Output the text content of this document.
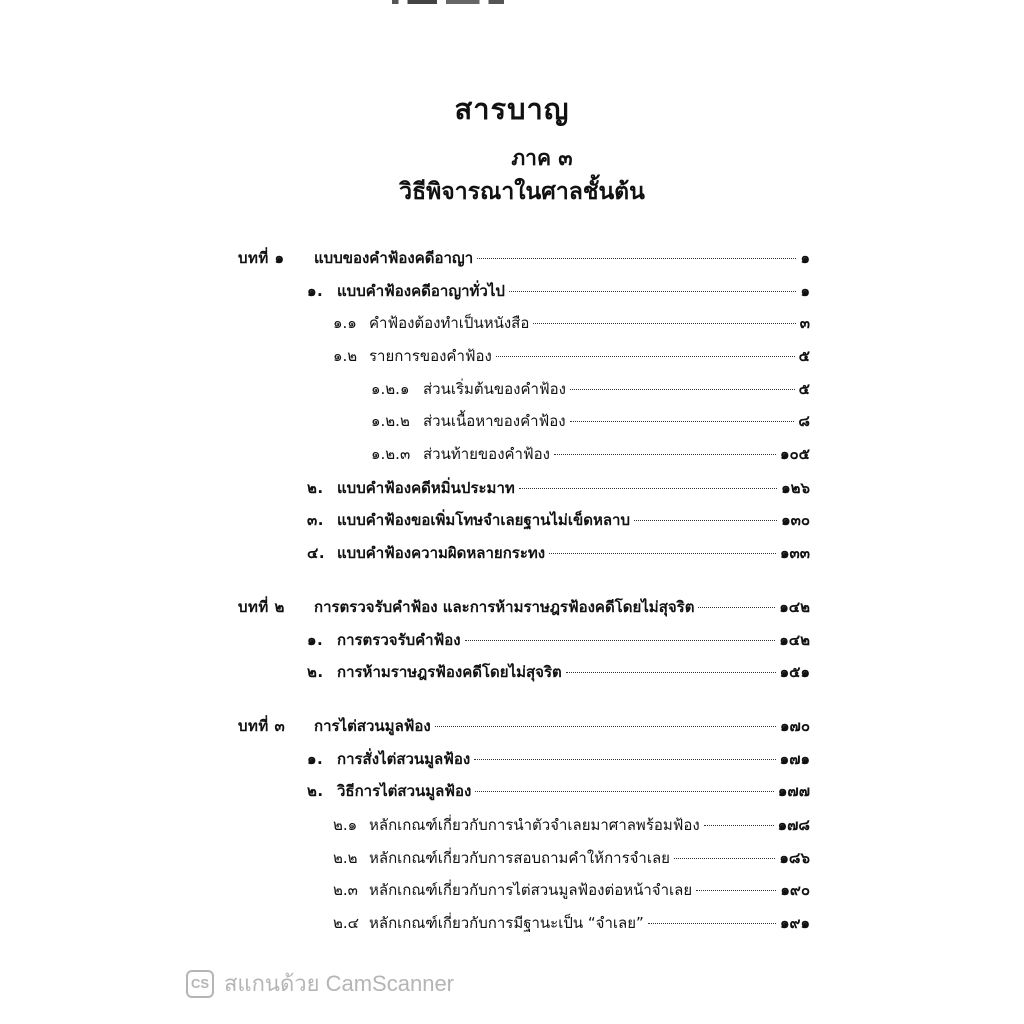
สารบาญ
ภาค ๓
วิธีพิจารณาในศาลชั้นต้น
บทที่ ๑	แบบของคำฟ้องคดีอาญา	๑
๑. แบบคำฟ้องคดีอาญาทั่วไป	๑
๑.๑ คำฟ้องต้องทำเป็นหนังสือ	๓
๑.๒ รายการของคำฟ้อง	๕
๑.๒.๑ ส่วนเริ่มต้นของคำฟ้อง	๕
๑.๒.๒ ส่วนเนื้อหาของคำฟ้อง	๘
๑.๒.๓ ส่วนท้ายของคำฟ้อง	๑๐๕
๒. แบบคำฟ้องคดีหมิ่นประมาท	๑๒๖
๓. แบบคำฟ้องขอเพิ่มโทษจำเลยฐานไม่เข็ดหลาบ	๑๓๐
๔. แบบคำฟ้องความผิดหลายกระทง	๑๓๓
บทที่ ๒	การตรวจรับคำฟ้อง และการห้ามราษฎรฟ้องคดีโดยไม่สุจริต	๑๔๒
๑. การตรวจรับคำฟ้อง	๑๔๒
๒. การห้ามราษฎรฟ้องคดีโดยไม่สุจริต	๑๕๑
บทที่ ๓	การไต่สวนมูลฟ้อง	๑๗๐
๑. การสั่งไต่สวนมูลฟ้อง	๑๗๑
๒. วิธีการไต่สวนมูลฟ้อง	๑๗๗
๒.๑ หลักเกณฑ์เกี่ยวกับการนำตัวจำเลยมาศาลพร้อมฟ้อง	๑๗๘
๒.๒ หลักเกณฑ์เกี่ยวกับการสอบถามคำให้การจำเลย	๑๘๖
๒.๓ หลักเกณฑ์เกี่ยวกับการไต่สวนมูลฟ้องต่อหน้าจำเลย	๑๙๐
๒.๔ หลักเกณฑ์เกี่ยวกับการมีฐานะเป็น “จำเลย”	๑๙๑
CS สแกนด้วย CamScanner
